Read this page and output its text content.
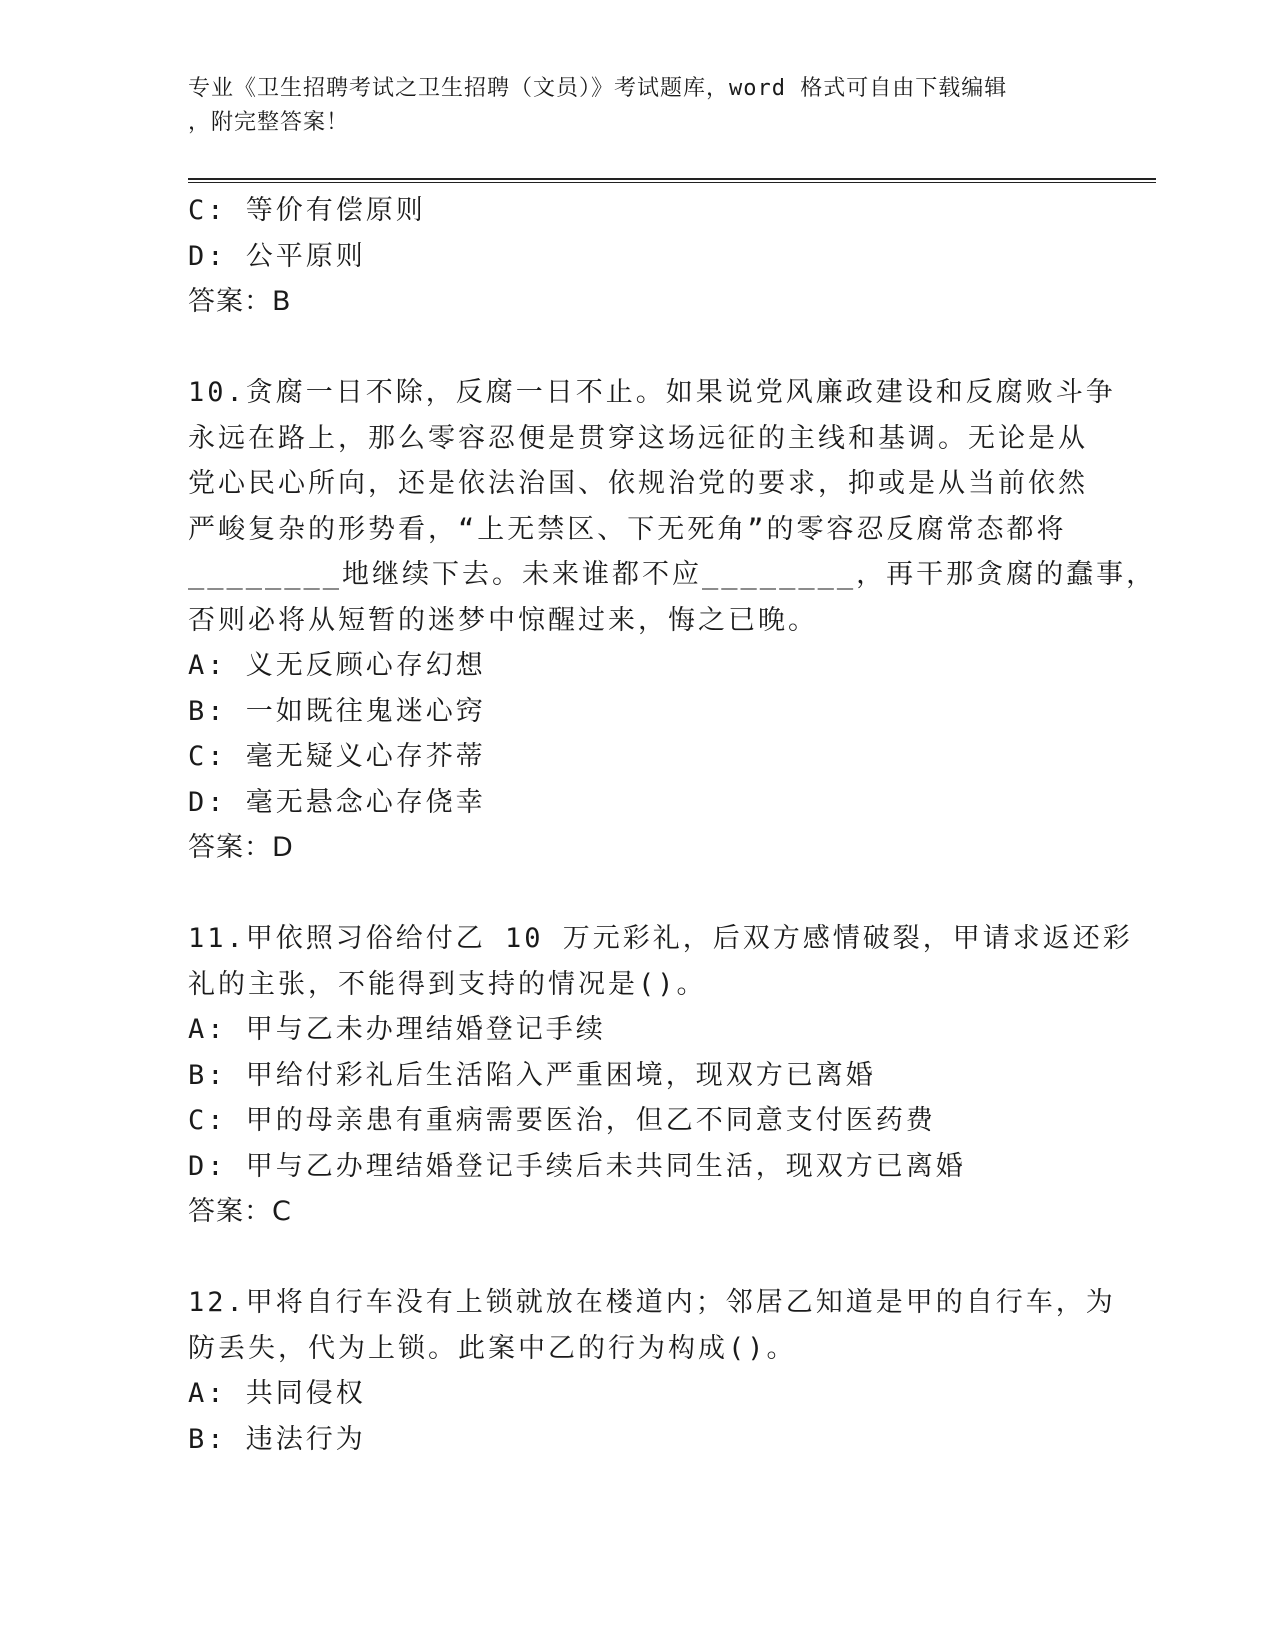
专业《卫生招聘考试之卫生招聘（文员）》考试题库，word 格式可自由下载编辑
，附完整答案！
C: 等价有偿原则
D: 公平原则
答案：B
10.贪腐一日不除，反腐一日不止。如果说党风廉政建设和反腐败斗争
永远在路上，那么零容忍便是贯穿这场远征的主线和基调。无论是从
党心民心所向，还是依法治国、依规治党的要求，抑或是从当前依然
严峻复杂的形势看，“上无禁区、下无死角”的零容忍反腐常态都将
________地继续下去。未来谁都不应________，再干那贪腐的蠢事，
否则必将从短暂的迷梦中惊醒过来，悔之已晚。
A: 义无反顾心存幻想
B: 一如既往鬼迷心窍
C: 毫无疑义心存芥蒂
D: 毫无悬念心存侥幸
答案：D
11.甲依照习俗给付乙 10 万元彩礼，后双方感情破裂，甲请求返还彩
礼的主张，不能得到支持的情况是()。
A: 甲与乙未办理结婚登记手续
B: 甲给付彩礼后生活陷入严重困境，现双方已离婚
C: 甲的母亲患有重病需要医治，但乙不同意支付医药费
D: 甲与乙办理结婚登记手续后未共同生活，现双方已离婚
答案：C
12.甲将自行车没有上锁就放在楼道内；邻居乙知道是甲的自行车，为
防丢失，代为上锁。此案中乙的行为构成()。
A: 共同侵权
B: 违法行为
